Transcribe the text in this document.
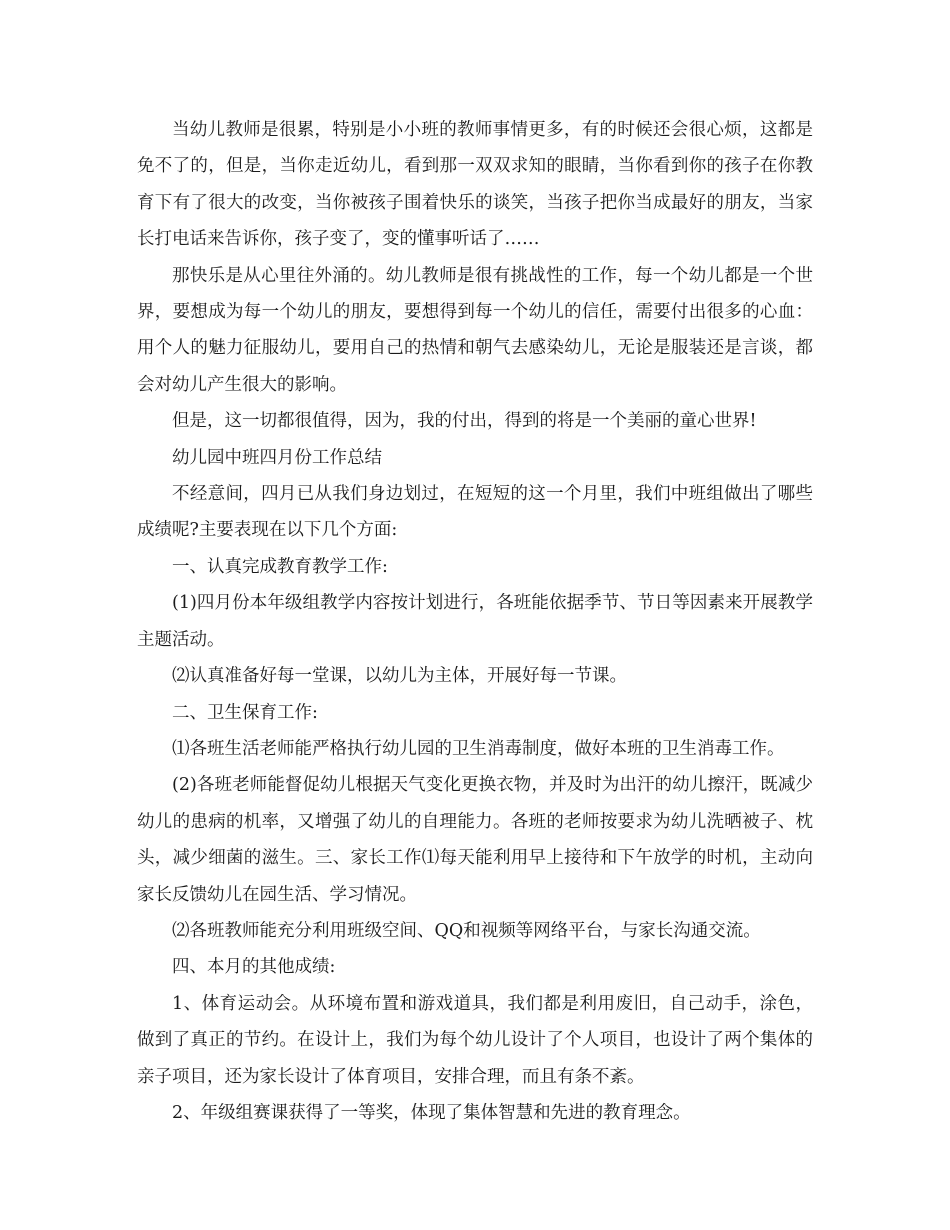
当幼儿教师是很累，特别是小小班的教师事情更多，有的时候还会很心烦，这都是免不了的，但是，当你走近幼儿，看到那一双双求知的眼睛，当你看到你的孩子在你教育下有了很大的改变，当你被孩子围着快乐的谈笑，当孩子把你当成最好的朋友，当家长打电话来告诉你，孩子变了，变的懂事听话了……

那快乐是从心里往外涌的。幼儿教师是很有挑战性的工作，每一个幼儿都是一个世界，要想成为每一个幼儿的朋友，要想得到每一个幼儿的信任，需要付出很多的心血：用个人的魅力征服幼儿，要用自己的热情和朝气去感染幼儿，无论是服装还是言谈，都会对幼儿产生很大的影响。

但是，这一切都很值得，因为，我的付出，得到的将是一个美丽的童心世界!

幼儿园中班四月份工作总结

不经意间，四月已从我们身边划过，在短短的这一个月里，我们中班组做出了哪些成绩呢?主要表现在以下几个方面:

一、认真完成教育教学工作:

(1)四月份本年级组教学内容按计划进行，各班能依据季节、节日等因素来开展教学主题活动。

⑵认真准备好每一堂课，以幼儿为主体，开展好每一节课。

二、卫生保育工作:

⑴各班生活老师能严格执行幼儿园的卫生消毒制度，做好本班的卫生消毒工作。

(2)各班老师能督促幼儿根据天气变化更换衣物，并及时为出汗的幼儿擦汗，既减少幼儿的患病的机率，又增强了幼儿的自理能力。各班的老师按要求为幼儿洗晒被子、枕头，减少细菌的滋生。三、家长工作⑴每天能利用早上接待和下午放学的时机，主动向家长反馈幼儿在园生活、学习情况。

⑵各班教师能充分利用班级空间、QQ和视频等网络平台，与家长沟通交流。

四、本月的其他成绩:

1、体育运动会。从环境布置和游戏道具，我们都是利用废旧，自己动手，涂色，做到了真正的节约。在设计上，我们为每个幼儿设计了个人项目，也设计了两个集体的亲子项目，还为家长设计了体育项目，安排合理，而且有条不紊。

2、年级组赛课获得了一等奖，体现了集体智慧和先进的教育理念。
